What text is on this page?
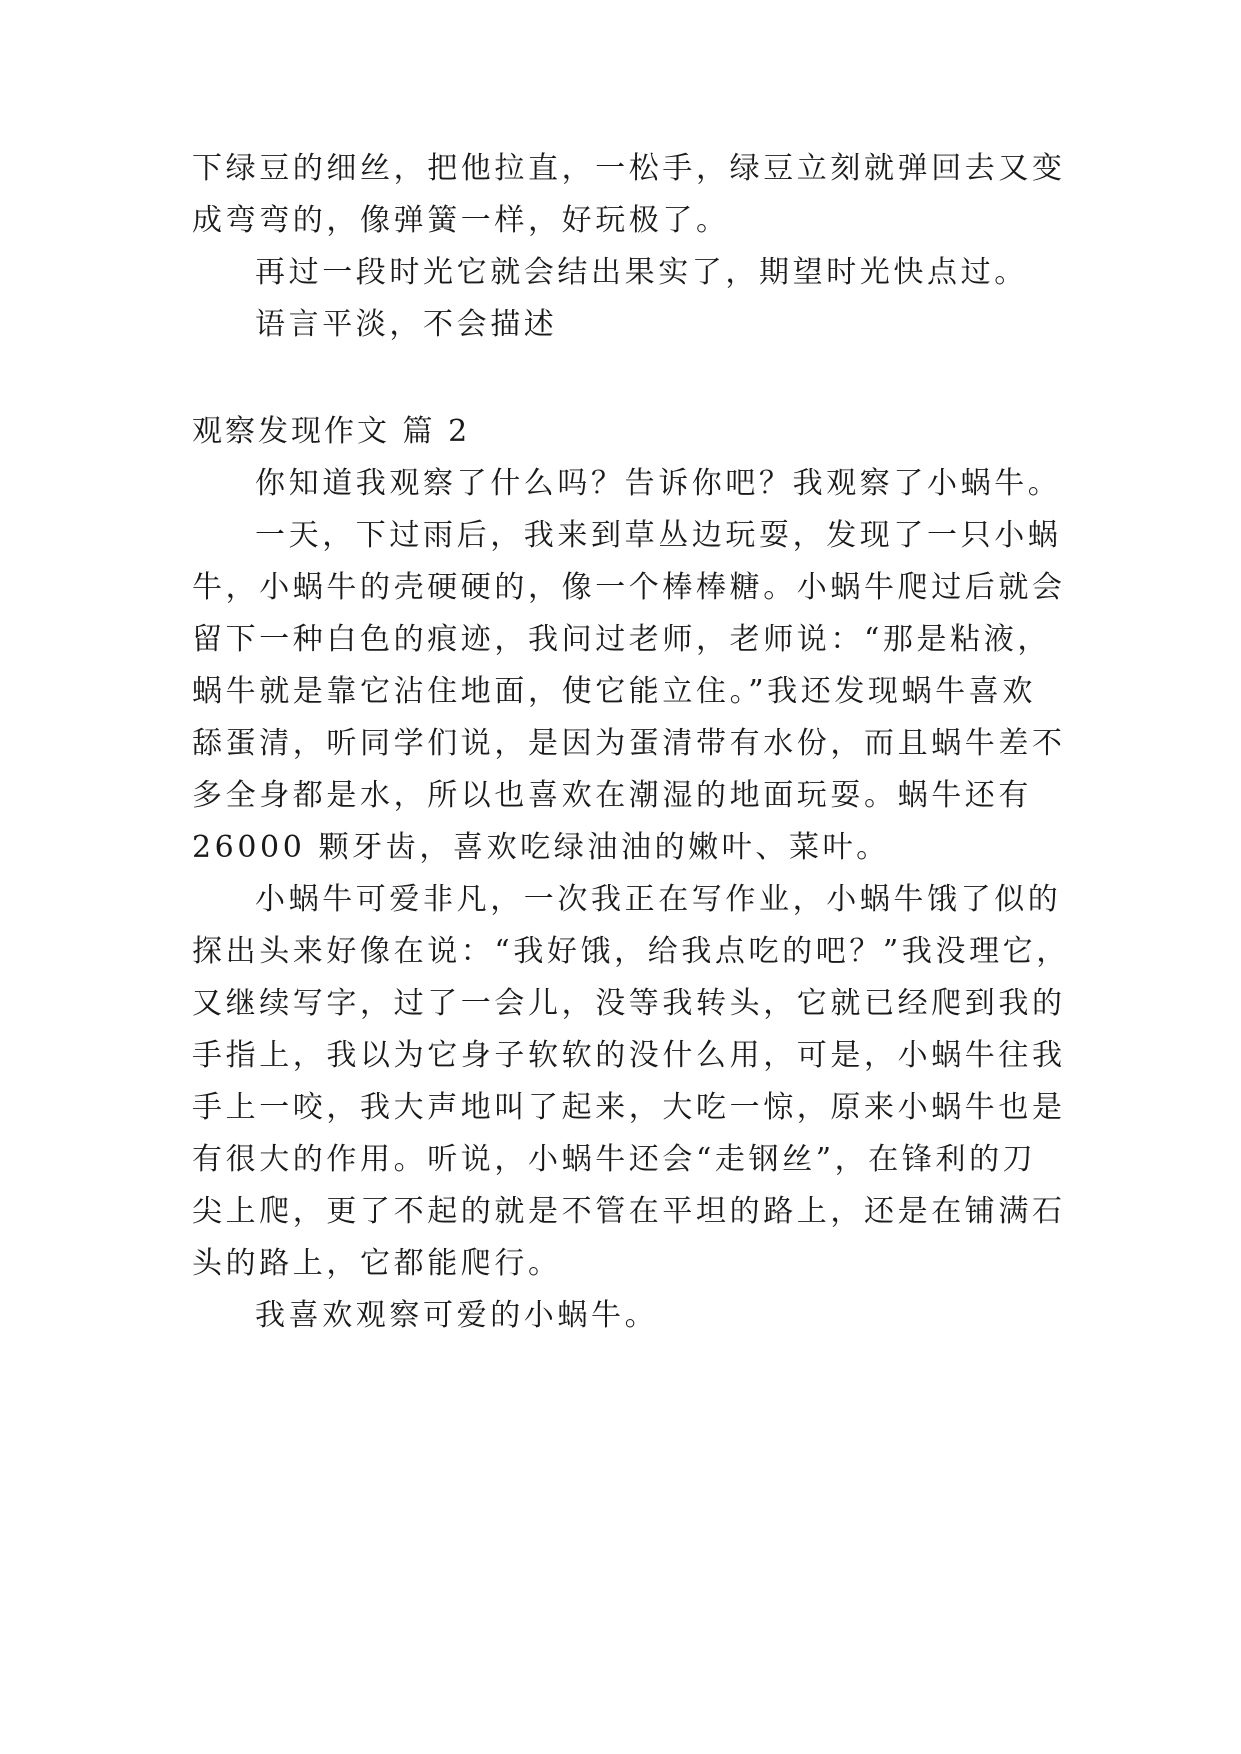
下绿豆的细丝，把他拉直，一松手，绿豆立刻就弹回去又变
成弯弯的，像弹簧一样，好玩极了。
再过一段时光它就会结出果实了，期望时光快点过。
语言平淡，不会描述
观察发现作文 篇 2
你知道我观察了什么吗？告诉你吧？我观察了小蜗牛。
一天，下过雨后，我来到草丛边玩耍，发现了一只小蜗
牛，小蜗牛的壳硬硬的，像一个棒棒糖。小蜗牛爬过后就会
留下一种白色的痕迹，我问过老师，老师说：“那是粘液，
蜗牛就是靠它沾住地面，使它能立住。”我还发现蜗牛喜欢
舔蛋清，听同学们说，是因为蛋清带有水份，而且蜗牛差不
多全身都是水，所以也喜欢在潮湿的地面玩耍。蜗牛还有
26000 颗牙齿，喜欢吃绿油油的嫩叶、菜叶。
小蜗牛可爱非凡，一次我正在写作业，小蜗牛饿了似的
探出头来好像在说：“我好饿，给我点吃的吧？”我没理它，
又继续写字，过了一会儿，没等我转头，它就已经爬到我的
手指上，我以为它身子软软的没什么用，可是，小蜗牛往我
手上一咬，我大声地叫了起来，大吃一惊，原来小蜗牛也是
有很大的作用。听说，小蜗牛还会“走钢丝”，在锋利的刀
尖上爬，更了不起的就是不管在平坦的路上，还是在铺满石
头的路上，它都能爬行。
我喜欢观察可爱的小蜗牛。
